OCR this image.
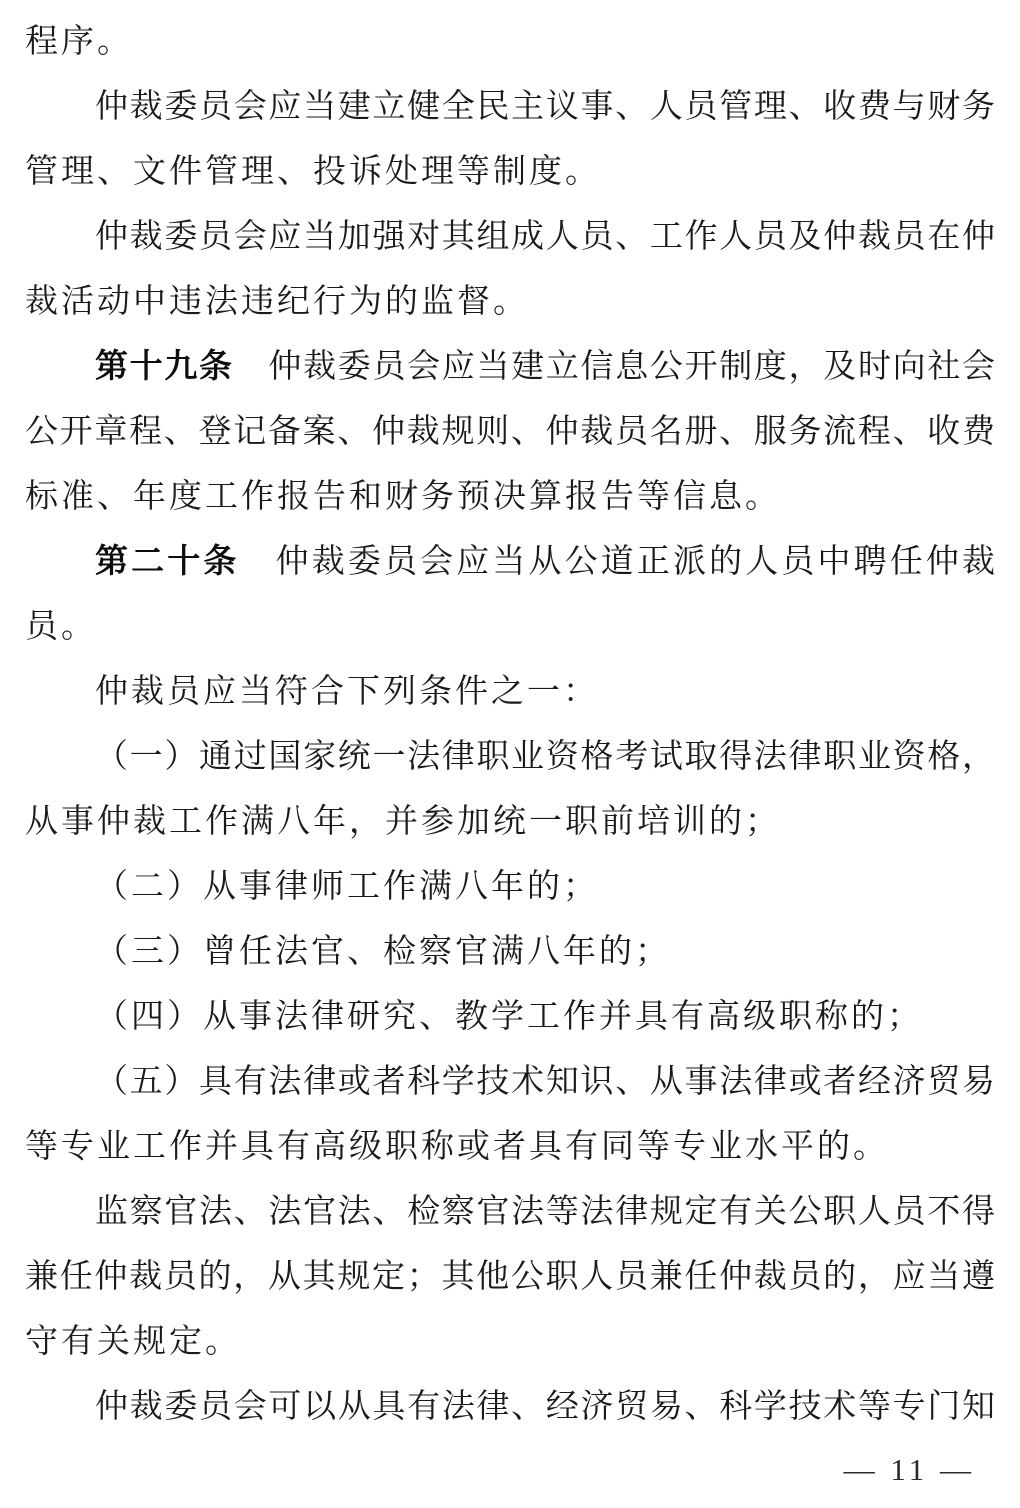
程序。
仲裁委员会应当建立健全民主议事、人员管理、收费与财务
管理、文件管理、投诉处理等制度。
仲裁委员会应当加强对其组成人员、工作人员及仲裁员在仲
裁活动中违法违纪行为的监督。
第十九条　仲裁委员会应当建立信息公开制度，及时向社会
公开章程、登记备案、仲裁规则、仲裁员名册、服务流程、收费
标准、年度工作报告和财务预决算报告等信息。
第二十条　仲裁委员会应当从公道正派的人员中聘任仲裁
员。
仲裁员应当符合下列条件之一：
（一）通过国家统一法律职业资格考试取得法律职业资格，
从事仲裁工作满八年，并参加统一职前培训的；
（二）从事律师工作满八年的；
（三）曾任法官、检察官满八年的；
（四）从事法律研究、教学工作并具有高级职称的；
（五）具有法律或者科学技术知识、从事法律或者经济贸易
等专业工作并具有高级职称或者具有同等专业水平的。
监察官法、法官法、检察官法等法律规定有关公职人员不得
兼任仲裁员的，从其规定；其他公职人员兼任仲裁员的，应当遵
守有关规定。
仲裁委员会可以从具有法律、经济贸易、科学技术等专门知
— 11 —
